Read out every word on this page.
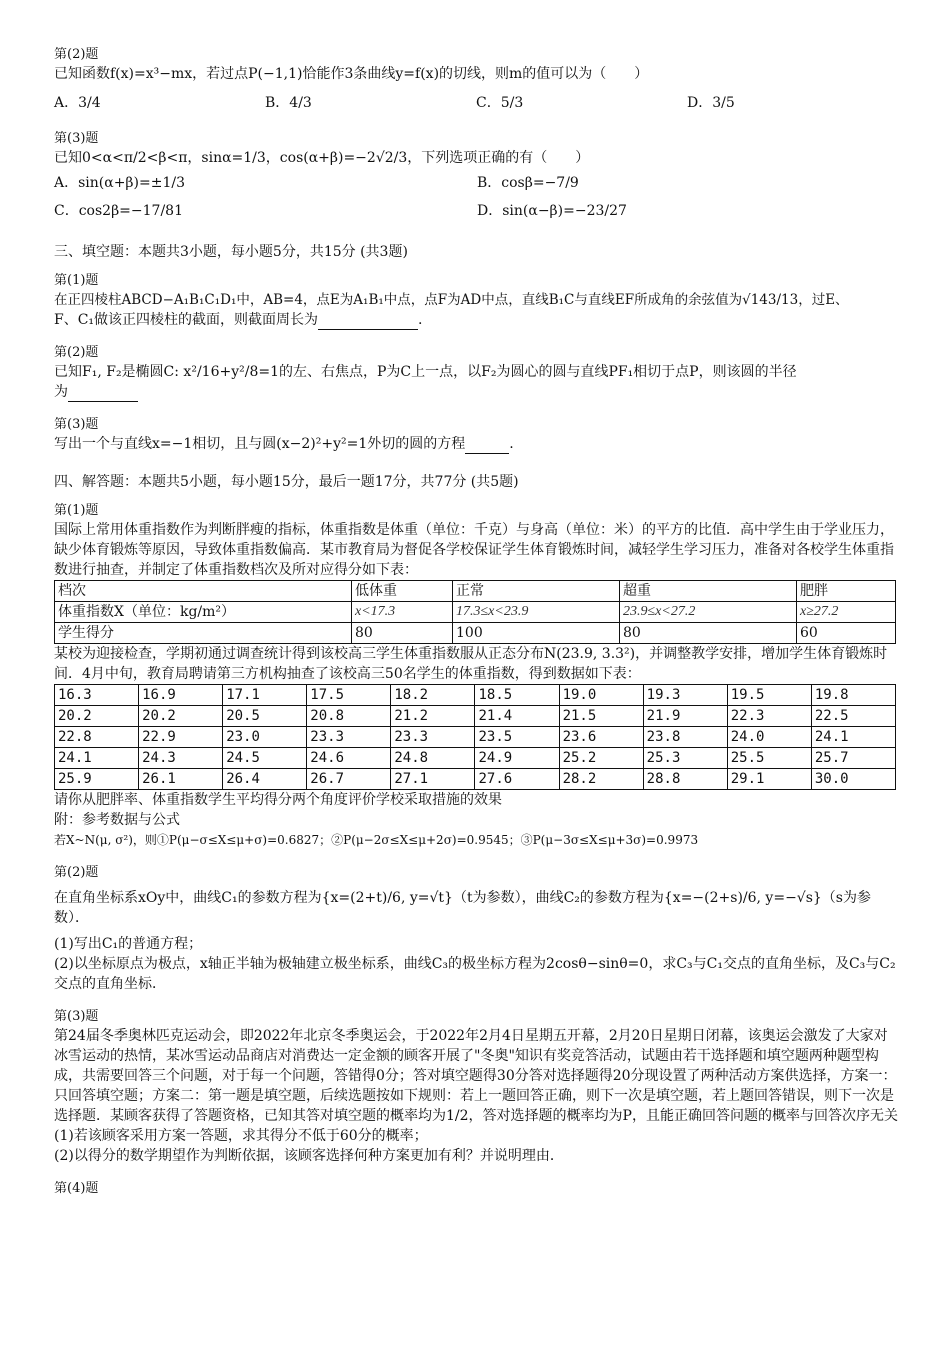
第(2)题

已知函数f(x)=x³−mx，若过点P(−1,1)恰能作3条曲线y=f(x)的切线，则m的值可以为（　　）

A．3/4	B．4/3	C．5/3	D．3/5

第(3)题

已知0<α<π/2<β<π，sinα=1/3，cos(α+β)=−2√2/3，下列选项正确的有（　　）

A．sin(α+β)=±1/3	B．cosβ=−7/9
C．cos2β=−17/81	D．sin(α−β)=−23/27

三、填空题：本题共3小题，每小题5分，共15分 (共3题)

第(1)题

在正四棱柱ABCD−A₁B₁C₁D₁中，AB=4，点E为A₁B₁中点，点F为AD中点，直线B₁C与直线EF所成角的余弦值为√143/13，过E、

F、C₁做该正四棱柱的截面，则截面周长为	.

第(2)题

已知F₁, F₂是椭圆C: x²/16+y²/8=1的左、右焦点，P为C上一点，以F₂为圆心的圆与直线PF₁相切于点P，则该圆的半径

为

第(3)题

写出一个与直线x=−1相切，且与圆(x−2)²+y²=1外切的圆的方程	.

四、解答题：本题共5小题，每小题15分，最后一题17分，共77分 (共5题)

第(1)题

国际上常用体重指数作为判断胖瘦的指标，体重指数是体重（单位：千克）与身高（单位：米）的平方的比值．高中学生由于学业压力，缺少体育锻炼等原因，导致体重指数偏高．某市教育局为督促各学校保证学生体育锻炼时间，减轻学生学习压力，准备对各校学生体重指数进行抽查，并制定了体重指数档次及所对应得分如下表：

档次	低体重	正常	超重	肥胖
体重指数X（单位：kg/m²）	x<17.3	17.3≤x<23.9	23.9≤x<27.2	x≥27.2
学生得分	80	100	80	60

某校为迎接检查，学期初通过调查统计得到该校高三学生体重指数服从正态分布N(23.9, 3.3²)，并调整教学安排，增加学生体育锻炼时间．4月中旬，教育局聘请第三方机构抽查了该校高三50名学生的体重指数，得到数据如下表：

16.3	16.9	17.1	17.5	18.2	18.5	19.0	19.3	19.5	19.8
20.2	20.2	20.5	20.8	21.2	21.4	21.5	21.9	22.3	22.5
22.8	22.9	23.0	23.3	23.3	23.5	23.6	23.8	24.0	24.1
24.1	24.3	24.5	24.6	24.8	24.9	25.2	25.3	25.5	25.7
25.9	26.1	26.4	26.7	27.1	27.6	28.2	28.8	29.1	30.0

请你从肥胖率、体重指数学生平均得分两个角度评价学校采取措施的效果

附：参考数据与公式

若X~N(μ, σ²)，则①P(μ−σ≤X≤μ+σ)=0.6827；②P(μ−2σ≤X≤μ+2σ)=0.9545；③P(μ−3σ≤X≤μ+3σ)=0.9973

第(2)题

在直角坐标系xOy中，曲线C₁的参数方程为{x=(2+t)/6, y=√t}（t为参数），曲线C₂的参数方程为{x=−(2+s)/6, y=−√s}（s为参数）．

(1)写出C₁的普通方程；

(2)以坐标原点为极点，x轴正半轴为极轴建立极坐标系，曲线C₃的极坐标方程为2cosθ−sinθ=0，求C₃与C₁交点的直角坐标，及C₃与C₂交点的直角坐标．

第(3)题

第24届冬季奥林匹克运动会，即2022年北京冬季奥运会，于2022年2月4日星期五开幕，2月20日星期日闭幕，该奥运会激发了大家对冰雪运动的热情，某冰雪运动品商店对消费达一定金额的顾客开展了"冬奥"知识有奖竞答活动，试题由若干选择题和填空题两种题型构成，共需要回答三个问题，对于每一个问题，答错得0分；答对填空题得30分答对选择题得20分现设置了两种活动方案供选择，方案一：只回答填空题；方案二：第一题是填空题，后续选题按如下规则：若上一题回答正确，则下一次是填空题，若上题回答错误，则下一次是选择题．某顾客获得了答题资格，已知其答对填空题的概率均为1/2，答对选择题的概率均为P，且能正确回答问题的概率与回答次序无关

(1)若该顾客采用方案一答题，求其得分不低于60分的概率；

(2)以得分的数学期望作为判断依据，该顾客选择何种方案更加有利？并说明理由．

第(4)题
